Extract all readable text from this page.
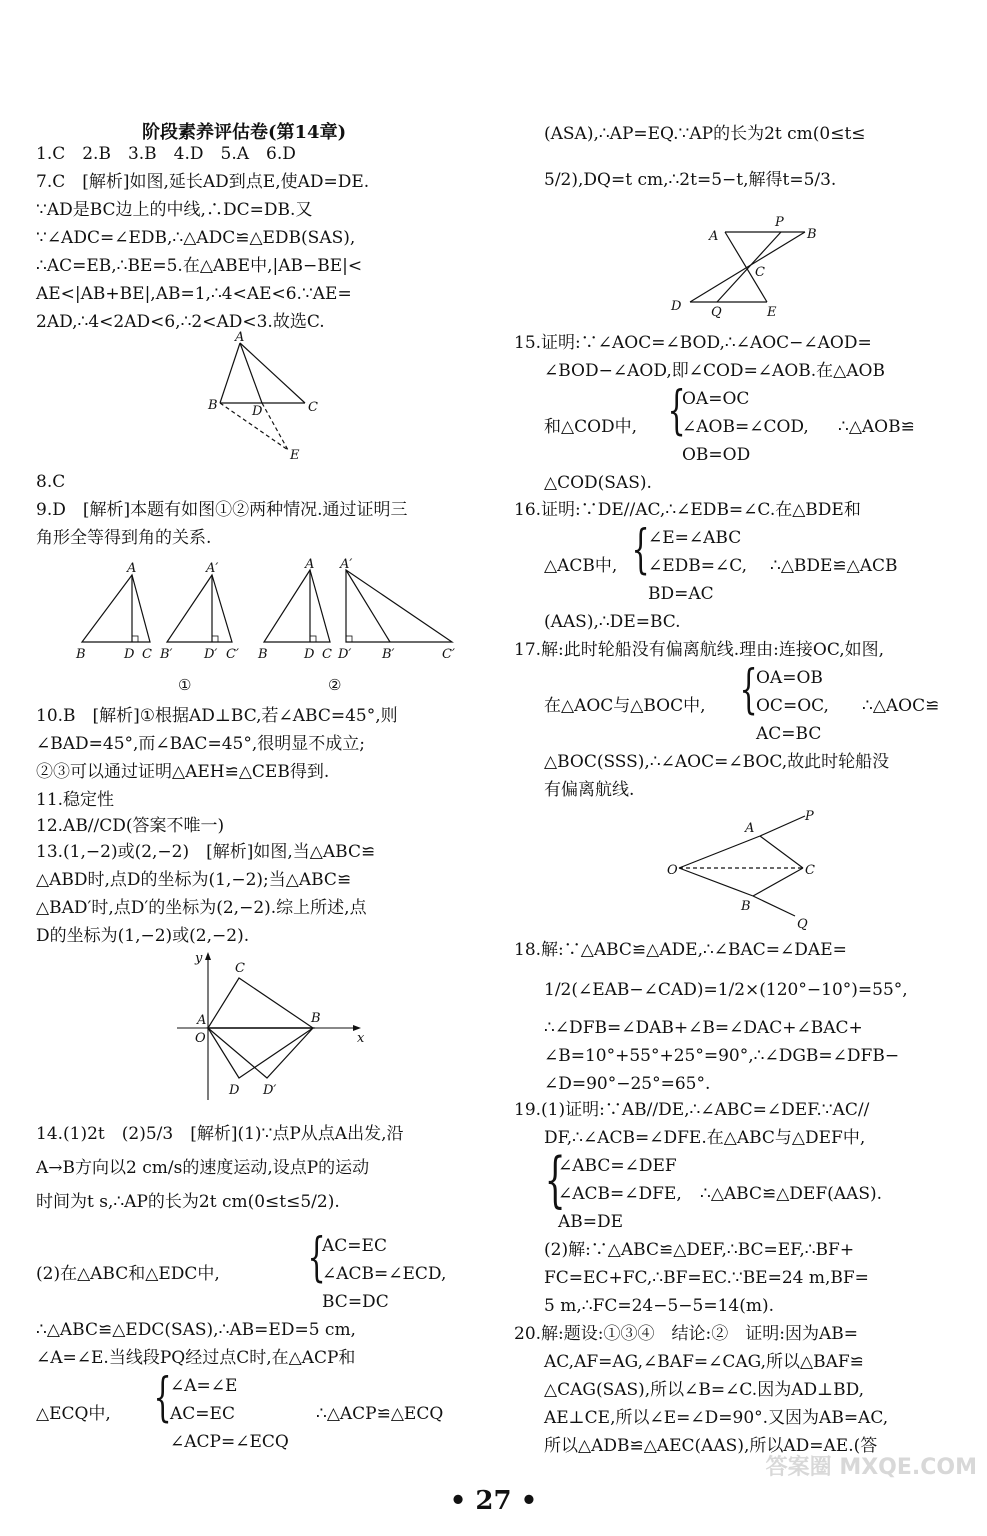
阶段素养评估卷(第14章)
1.C　2.B　3.B　4.D　5.A　6.D
7.C　[解析]如图,延长AD到点E,使AD=DE.
∵AD是BC边上的中线,∴DC=DB.又
∵∠ADC=∠EDB,∴△ADC≌△EDB(SAS),
∴AC=EB,∴BE=5.在△ABE中,|AB−BE|<
AE<|AB+BE|,AB=1,∴4<AE<6.∵AE=
2AD,∴4<2AD<6,∴2<AD<3.故选C.
A
B	D	C
E
8.C
9.D　[解析]本题有如图①②两种情况.通过证明三
角形全等得到角的关系.
A
B	D C
A′
B′ D′ C′
A
B	D C
A′
D′ B′	C′
①	②
10.B　[解析]①根据AD⊥BC,若∠ABC=45°,则
∠BAD=45°,而∠BAC=45°,很明显不成立;
②③可以通过证明△AEH≌△CEB得到.
11.稳定性
12.AB//CD(答案不唯一)
13.(1,−2)或(2,−2)　[解析]如图,当△ABC≌
△ABD时,点D的坐标为(1,−2);当△ABC≌
△BAD′时,点D′的坐标为(2,−2).综上所述,点
D的坐标为(1,−2)或(2,−2).
y
C
A
O
B
x
D D′
14.(1)2t　(2)5/3　[解析](1)∵点P从点A出发,沿
A→B方向以2 cm/s的速度运动,设点P的运动
时间为t s,∴AP的长为2t cm(0≤t≤5/2).
(2)在△ABC和△EDC中, {
AC=EC
∠ACB=∠ECD,
BC=DC
∴△ABC≌△EDC(SAS),∴AB=ED=5 cm,
∠A=∠E.当线段PQ经过点C时,在△ACP和
△ECQ中, {
∠A=∠E
AC=EC
∠ACP=∠ECQ
∴△ACP≌△ECQ
(ASA),∴AP=EQ.∵AP的长为2t cm(0≤t≤
5/2),DQ=t cm,∴2t=5−t,解得t=5/3.
A
P
B
C
D Q	E
15.证明:∵∠AOC=∠BOD,∴∠AOC−∠AOD=
∠BOD−∠AOD,即∠COD=∠AOB.在△AOB
和△COD中, {
OA=OC
∠AOB=∠COD,
OB=OD
∴△AOB≌
△COD(SAS).
16.证明:∵DE//AC,∴∠EDB=∠C.在△BDE和
△ACB中, {
∠E=∠ABC
∠EDB=∠C,
BD=AC
∴△BDE≌△ACB
(AAS),∴DE=BC.
17.解:此时轮船没有偏离航线.理由:连接OC,如图,
在△AOC与△BOC中, {
OA=OB
OC=OC,
AC=BC
∴△AOC≌
△BOC(SSS),∴∠AOC=∠BOC,故此时轮船没
有偏离航线.
A
P
O	C
B
Q
18.解:∵△ABC≌△ADE,∴∠BAC=∠DAE=
1/2(∠EAB−∠CAD)=1/2×(120°−10°)=55°,
∴∠DFB=∠DAB+∠B=∠DAC+∠BAC+
∠B=10°+55°+25°=90°,∴∠DGB=∠DFB−
∠D=90°−25°=65°.
19.(1)证明:∵AB//DE,∴∠ABC=∠DEF.∵AC//
DF,∴∠ACB=∠DFE.在△ABC与△DEF中,
{
∠ABC=∠DEF
∠ACB=∠DFE,
AB=DE
∴△ABC≌△DEF(AAS).
(2)解:∵△ABC≌△DEF,∴BC=EF,∴BF+
FC=EC+FC,∴BF=EC.∵BE=24 m,BF=
5 m,∴FC=24−5−5=14(m).
20.解:题设:①③④　结论:②　证明:因为AB=
AC,AF=AG,∠BAF=∠CAG,所以△BAF≌
△CAG(SAS),所以∠B=∠C.因为AD⊥BD,
AE⊥CE,所以∠E=∠D=90°.又因为AB=AC,
所以△ADB≌△AEC(AAS),所以AD=AE.(答
• 27 •
答案圈 MXQE.COM
